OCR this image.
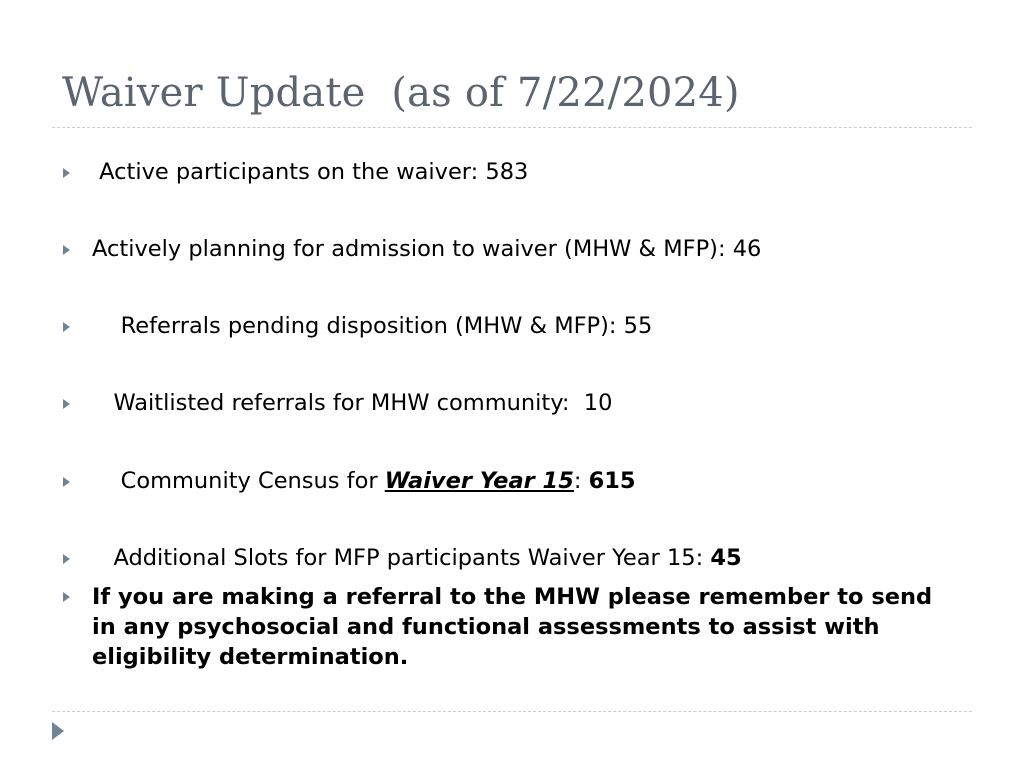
Waiver Update  (as of 7/22/2024)
Active participants on the waiver: 583
Actively planning for admission to waiver (MHW & MFP): 46
Referrals pending disposition (MHW & MFP): 55
Waitlisted referrals for MHW community:  10
Community Census for Waiver Year 15: 615
Additional Slots for MFP participants Waiver Year 15: 45
If you are making a referral to the MHW please remember to send in any psychosocial and functional assessments to assist with eligibility determination.
